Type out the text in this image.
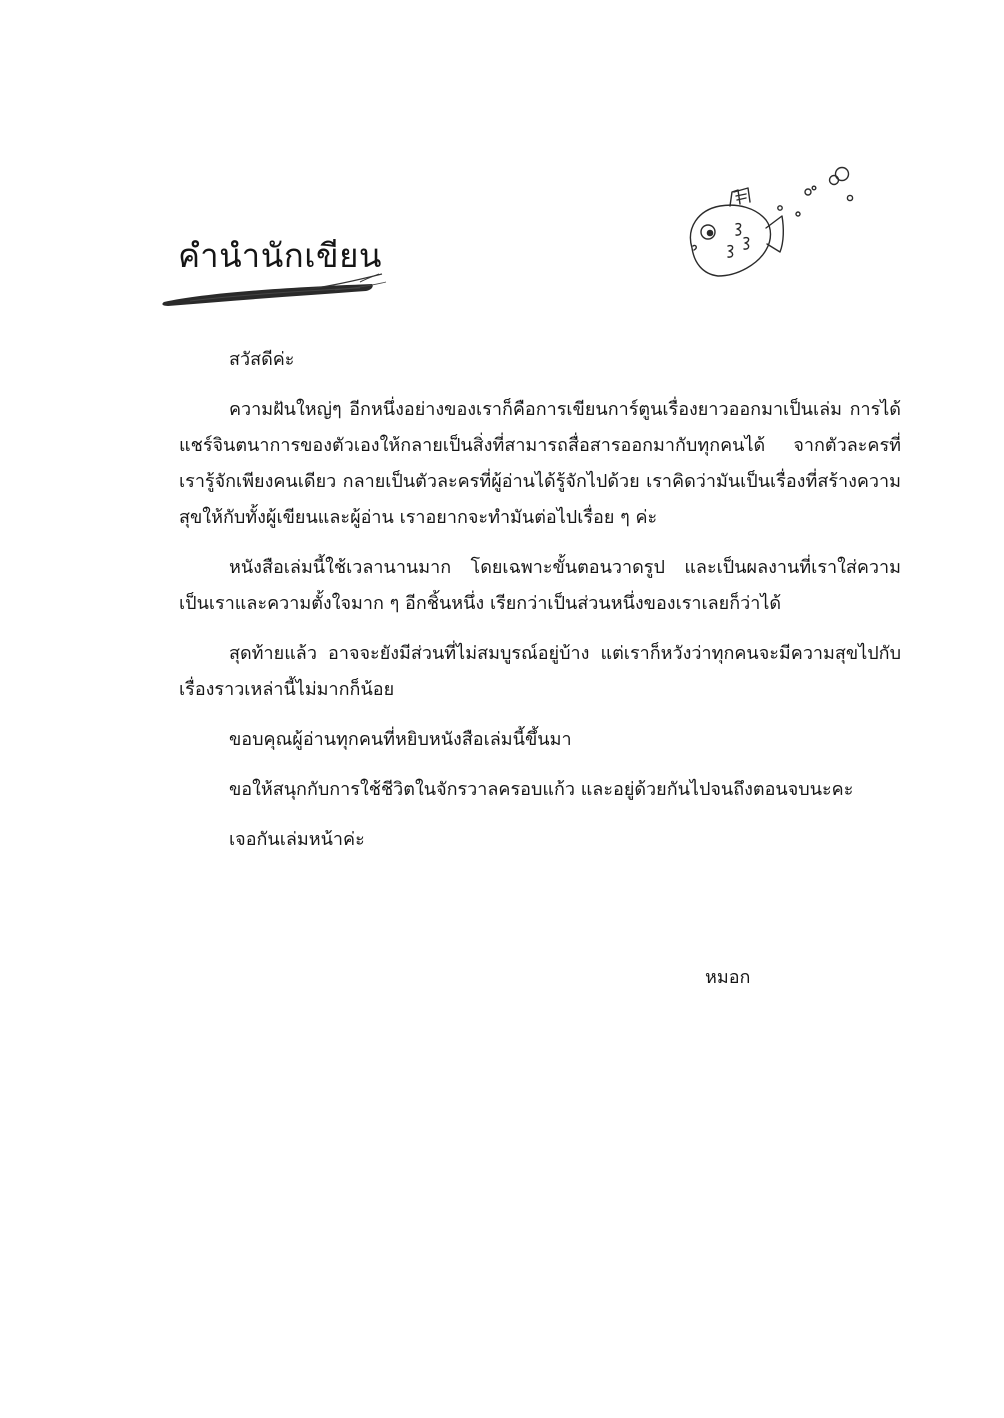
คำนำนักเขียน

สวัสดีค่ะ

ความฝันใหญ่ๆ อีกหนึ่งอย่างของเราก็คือการเขียนการ์ตูนเรื่องยาวออกมาเป็นเล่ม การได้แชร์จินตนาการของตัวเองให้กลายเป็นสิ่งที่สามารถสื่อสารออกมากับทุกคนได้ จากตัวละครที่เรารู้จักเพียงคนเดียว กลายเป็นตัวละครที่ผู้อ่านได้รู้จักไปด้วย เราคิดว่ามันเป็นเรื่องที่สร้างความสุขให้กับทั้งผู้เขียนและผู้อ่าน เราอยากจะทำมันต่อไปเรื่อย ๆ ค่ะ

หนังสือเล่มนี้ใช้เวลานานมาก โดยเฉพาะขั้นตอนวาดรูป และเป็นผลงานที่เราใส่ความเป็นเราและความตั้งใจมาก ๆ อีกชิ้นหนึ่ง เรียกว่าเป็นส่วนหนึ่งของเราเลยก็ว่าได้

สุดท้ายแล้ว อาจจะยังมีส่วนที่ไม่สมบูรณ์อยู่บ้าง แต่เราก็หวังว่าทุกคนจะมีความสุขไปกับเรื่องราวเหล่านี้ไม่มากก็น้อย

ขอบคุณผู้อ่านทุกคนที่หยิบหนังสือเล่มนี้ขึ้นมา

ขอให้สนุกกับการใช้ชีวิตในจักรวาลครอบแก้ว และอยู่ด้วยกันไปจนถึงตอนจบนะคะ

เจอกันเล่มหน้าค่ะ

หมอก
